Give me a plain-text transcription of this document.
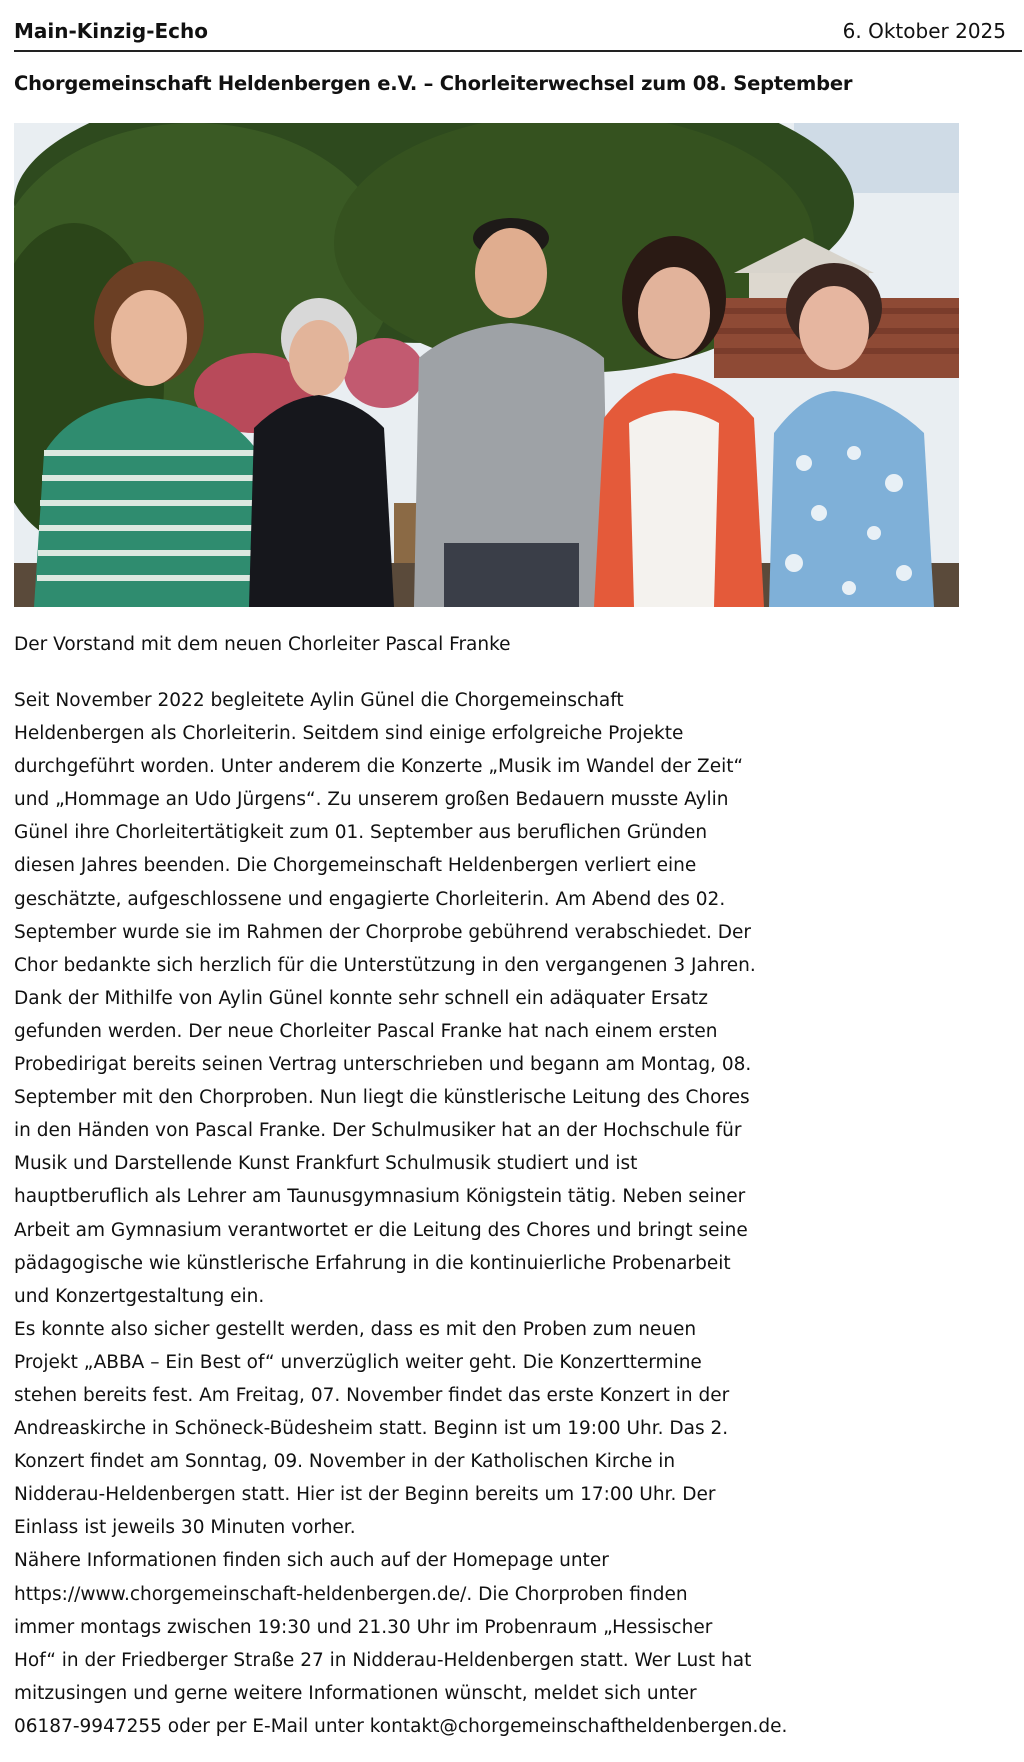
Main-Kinzig-Echo	6. Oktober 2025
Chorgemeinschaft Heldenbergen e.V. – Chorleiterwechsel zum 08. September
Der Vorstand mit dem neuen Chorleiter Pascal Franke
Seit November 2022 begleitete Aylin Günel die Chorgemeinschaft
Heldenbergen als Chorleiterin. Seitdem sind einige erfolgreiche Projekte
durchgeführt worden. Unter anderem die Konzerte „Musik im Wandel der Zeit“
und „Hommage an Udo Jürgens“. Zu unserem großen Bedauern musste Aylin
Günel ihre Chorleitertätigkeit zum 01. September aus beruflichen Gründen
diesen Jahres beenden. Die Chorgemeinschaft Heldenbergen verliert eine
geschätzte, aufgeschlossene und engagierte Chorleiterin. Am Abend des 02.
September wurde sie im Rahmen der Chorprobe gebührend verabschiedet. Der
Chor bedankte sich herzlich für die Unterstützung in den vergangenen 3 Jahren.
Dank der Mithilfe von Aylin Günel konnte sehr schnell ein adäquater Ersatz
gefunden werden. Der neue Chorleiter Pascal Franke hat nach einem ersten
Probedirigat bereits seinen Vertrag unterschrieben und begann am Montag, 08.
September mit den Chorproben. Nun liegt die künstlerische Leitung des Chores
in den Händen von Pascal Franke. Der Schulmusiker hat an der Hochschule für
Musik und Darstellende Kunst Frankfurt Schulmusik studiert und ist
hauptberuflich als Lehrer am Taunusgymnasium Königstein tätig. Neben seiner
Arbeit am Gymnasium verantwortet er die Leitung des Chores und bringt seine
pädagogische wie künstlerische Erfahrung in die kontinuierliche Probenarbeit
und Konzertgestaltung ein.
Es konnte also sicher gestellt werden, dass es mit den Proben zum neuen
Projekt „ABBA – Ein Best of“ unverzüglich weiter geht. Die Konzerttermine
stehen bereits fest. Am Freitag, 07. November findet das erste Konzert in der
Andreaskirche in Schöneck-Büdesheim statt. Beginn ist um 19:00 Uhr. Das 2.
Konzert findet am Sonntag, 09. November in der Katholischen Kirche in
Nidderau-Heldenbergen statt. Hier ist der Beginn bereits um 17:00 Uhr. Der
Einlass ist jeweils 30 Minuten vorher.
Nähere Informationen finden sich auch auf der Homepage unter
https://www.chorgemeinschaft-heldenbergen.de/. Die Chorproben finden
immer montags zwischen 19:30 und 21.30 Uhr im Probenraum „Hessischer
Hof“ in der Friedberger Straße 27 in Nidderau-Heldenbergen statt. Wer Lust hat
mitzusingen und gerne weitere Informationen wünscht, meldet sich unter
06187-9947255 oder per E-Mail unter kontakt@chorgemeinschaftheldenbergen.de.
